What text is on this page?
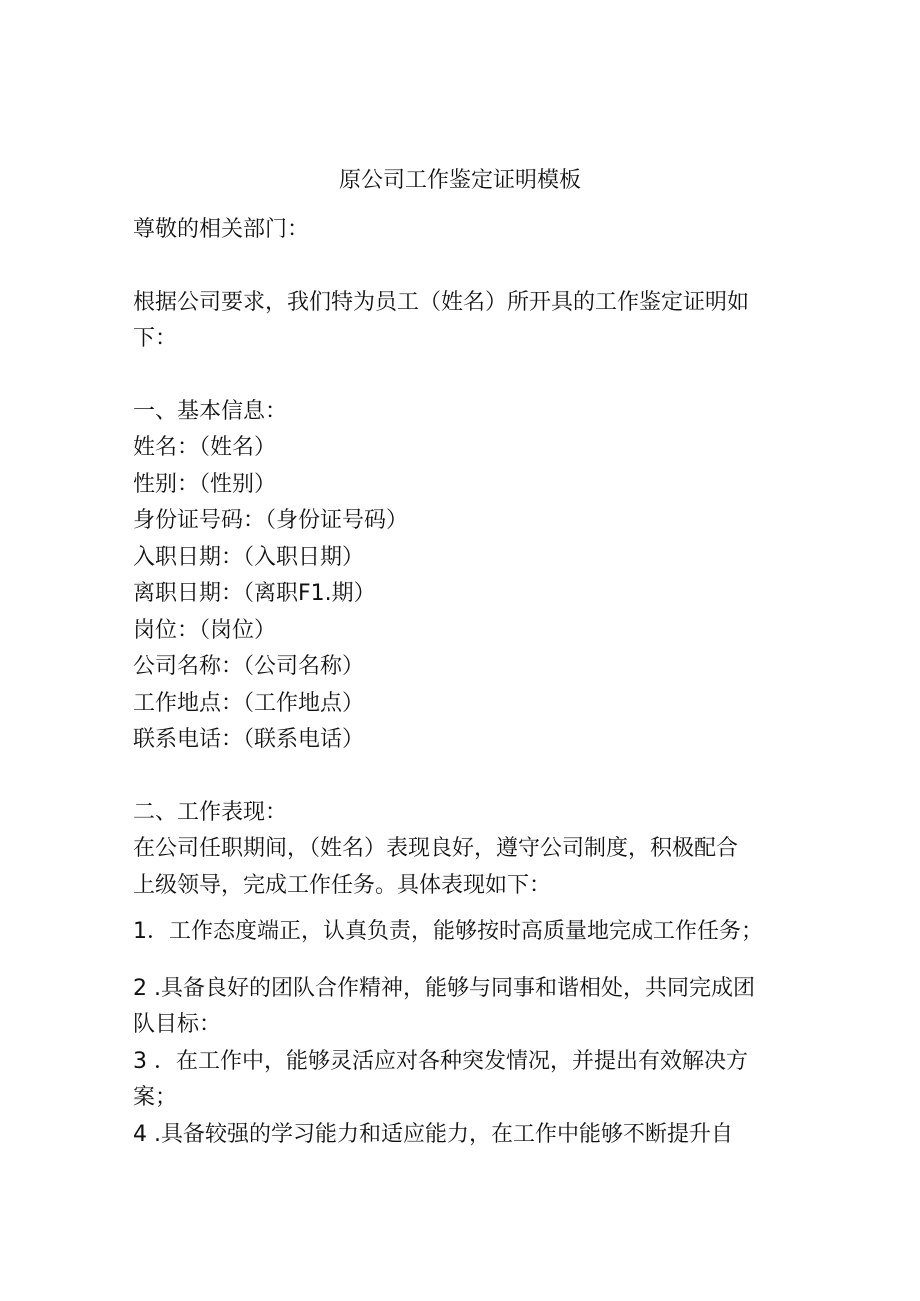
原公司工作鉴定证明模板

尊敬的相关部门：

根据公司要求，我们特为员工（姓名）所开具的工作鉴定证明如

下：

一、基本信息：

姓名：（姓名）

性别：（性别）

身份证号码：（身份证号码）

入职日期：（入职日期）

离职日期：（离职F1.期）

岗位：（岗位）

公司名称：（公司名称）

工作地点：（工作地点）

联系电话：（联系电话）

二、工作表现：

在公司任职期间，（姓名）表现良好，遵守公司制度，积极配合

上级领导，完成工作任务。具体表现如下：

1．工作态度端正，认真负责，能够按时高质量地完成工作任务；

2 .具备良好的团队合作精神，能够与同事和谐相处，共同完成团

队目标：

3 ．在工作中，能够灵活应对各种突发情况，并提出有效解决方

案；

4 .具备较强的学习能力和适应能力，在工作中能够不断提升自
